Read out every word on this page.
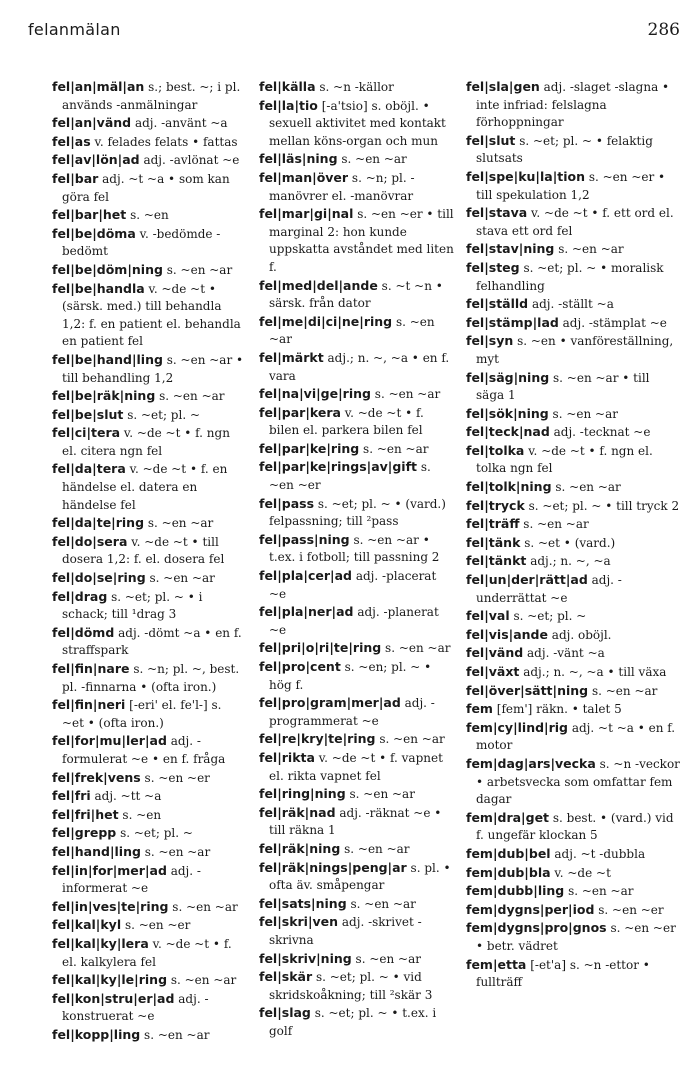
felanmälan	286

fel|an|mäl|an s.; best. ~; i pl. används -anmälningar

fel|an|vänd adj. -använt ~a

fel|as v. felades felats • fattas

fel|av|lön|ad adj. -avlönat ~e

fel|bar adj. ~t ~a • som kan göra fel

fel|bar|het s. ~en

fel|be|döma v. -bedömde -bedömt

fel|be|döm|ning s. ~en ~ar

fel|be|handla v. ~de ~t • (särsk. med.) till behandla 1,2: f. en patient el. behandla en patient fel

fel|be|hand|ling s. ~en ~ar • till behandling 1,2

fel|be|räk|ning s. ~en ~ar

fel|be|slut s. ~et; pl. ~

fel|ci|tera v. ~de ~t • f. ngn el. citera ngn fel

fel|da|tera v. ~de ~t • f. en händelse el. datera en händelse fel

fel|da|te|ring s. ~en ~ar

fel|do|sera v. ~de ~t • till dosera 1,2: f. el. dosera fel

fel|do|se|ring s. ~en ~ar

fel|drag s. ~et; pl. ~ • i schack; till ¹drag 3

fel|dömd adj. -dömt ~a • en f. straffspark

fel|fin|nare s. ~n; pl. ~, best. pl. -finnarna • (ofta iron.)

fel|fin|neri [-eri' el. fe'l-] s. ~et • (ofta iron.)

fel|for|mu|ler|ad adj. -formulerat ~e • en f. fråga

fel|frek|vens s. ~en ~er

fel|fri adj. ~tt ~a

fel|fri|het s. ~en

fel|grepp s. ~et; pl. ~

fel|hand|ling s. ~en ~ar

fel|in|for|mer|ad adj. -informerat ~e

fel|in|ves|te|ring s. ~en ~ar

fel|kal|kyl s. ~en ~er

fel|kal|ky|lera v. ~de ~t • f. el. kalkylera fel

fel|kal|ky|le|ring s. ~en ~ar

fel|kon|stru|er|ad adj. -konstruerat ~e

fel|kopp|ling s. ~en ~ar

fel|källa s. ~n -källor

fel|la|tio [-a'tsio] s. oböjl. • sexuell aktivitet med kontakt mellan köns-organ och mun

fel|läs|ning s. ~en ~ar

fel|man|över s. ~n; pl. -manövrer el. -manövrar

fel|mar|gi|nal s. ~en ~er • till marginal 2: hon kunde uppskatta avståndet med liten f.

fel|med|del|ande s. ~t ~n • särsk. från dator

fel|me|di|ci|ne|ring s. ~en ~ar

fel|märkt adj.; n. ~, ~a • en f. vara

fel|na|vi|ge|ring s. ~en ~ar

fel|par|kera v. ~de ~t • f. bilen el. parkera bilen fel

fel|par|ke|ring s. ~en ~ar

fel|par|ke|rings|av|gift s. ~en ~er

fel|pass s. ~et; pl. ~ • (vard.) felpassning; till ²pass

fel|pass|ning s. ~en ~ar • t.ex. i fotboll; till passning 2

fel|pla|cer|ad adj. -placerat ~e

fel|pla|ner|ad adj. -planerat ~e

fel|pri|o|ri|te|ring s. ~en ~ar

fel|pro|cent s. ~en; pl. ~ • hög f.

fel|pro|gram|mer|ad adj. -programmerat ~e

fel|re|kry|te|ring s. ~en ~ar

fel|rikta v. ~de ~t • f. vapnet el. rikta vapnet fel

fel|ring|ning s. ~en ~ar

fel|räk|nad adj. -räknat ~e • till räkna 1

fel|räk|ning s. ~en ~ar

fel|räk|nings|peng|ar s. pl. • ofta äv. småpengar

fel|sats|ning s. ~en ~ar

fel|skri|ven adj. -skrivet -skrivna

fel|skriv|ning s. ~en ~ar

fel|skär s. ~et; pl. ~ • vid skridskoåkning; till ²skär 3

fel|slag s. ~et; pl. ~ • t.ex. i golf

fel|sla|gen adj. -slaget -slagna • inte infriad: felslagna förhoppningar

fel|slut s. ~et; pl. ~ • felaktig slutsats

fel|spe|ku|la|tion s. ~en ~er • till spekulation 1,2

fel|stava v. ~de ~t • f. ett ord el. stava ett ord fel

fel|stav|ning s. ~en ~ar

fel|steg s. ~et; pl. ~ • moralisk felhandling

fel|ställd adj. -ställt ~a

fel|stämp|lad adj. -stämplat ~e

fel|syn s. ~en • vanföreställning, myt

fel|säg|ning s. ~en ~ar • till säga 1

fel|sök|ning s. ~en ~ar

fel|teck|nad adj. -tecknat ~e

fel|tolka v. ~de ~t • f. ngn el. tolka ngn fel

fel|tolk|ning s. ~en ~ar

fel|tryck s. ~et; pl. ~ • till tryck 2

fel|träff s. ~en ~ar

fel|tänk s. ~et • (vard.)

fel|tänkt adj.; n. ~, ~a

fel|un|der|rätt|ad adj. -underrättat ~e

fel|val s. ~et; pl. ~

fel|vis|ande adj. oböjl.

fel|vänd adj. -vänt ~a

fel|växt adj.; n. ~, ~a • till växa

fel|över|sätt|ning s. ~en ~ar

fem [fem'] räkn. • talet 5

fem|cy|lind|rig adj. ~t ~a • en f. motor

fem|dag|ars|vecka s. ~n -veckor • arbetsvecka som omfattar fem dagar

fem|dra|get s. best. • (vard.) vid f. ungefär klockan 5

fem|dub|bel adj. ~t -dubbla

fem|dub|bla v. ~de ~t

fem|dubb|ling s. ~en ~ar

fem|dygns|per|iod s. ~en ~er

fem|dygns|pro|gnos s. ~en ~er • betr. vädret

fem|etta [-et'a] s. ~n -ettor • fullträff
